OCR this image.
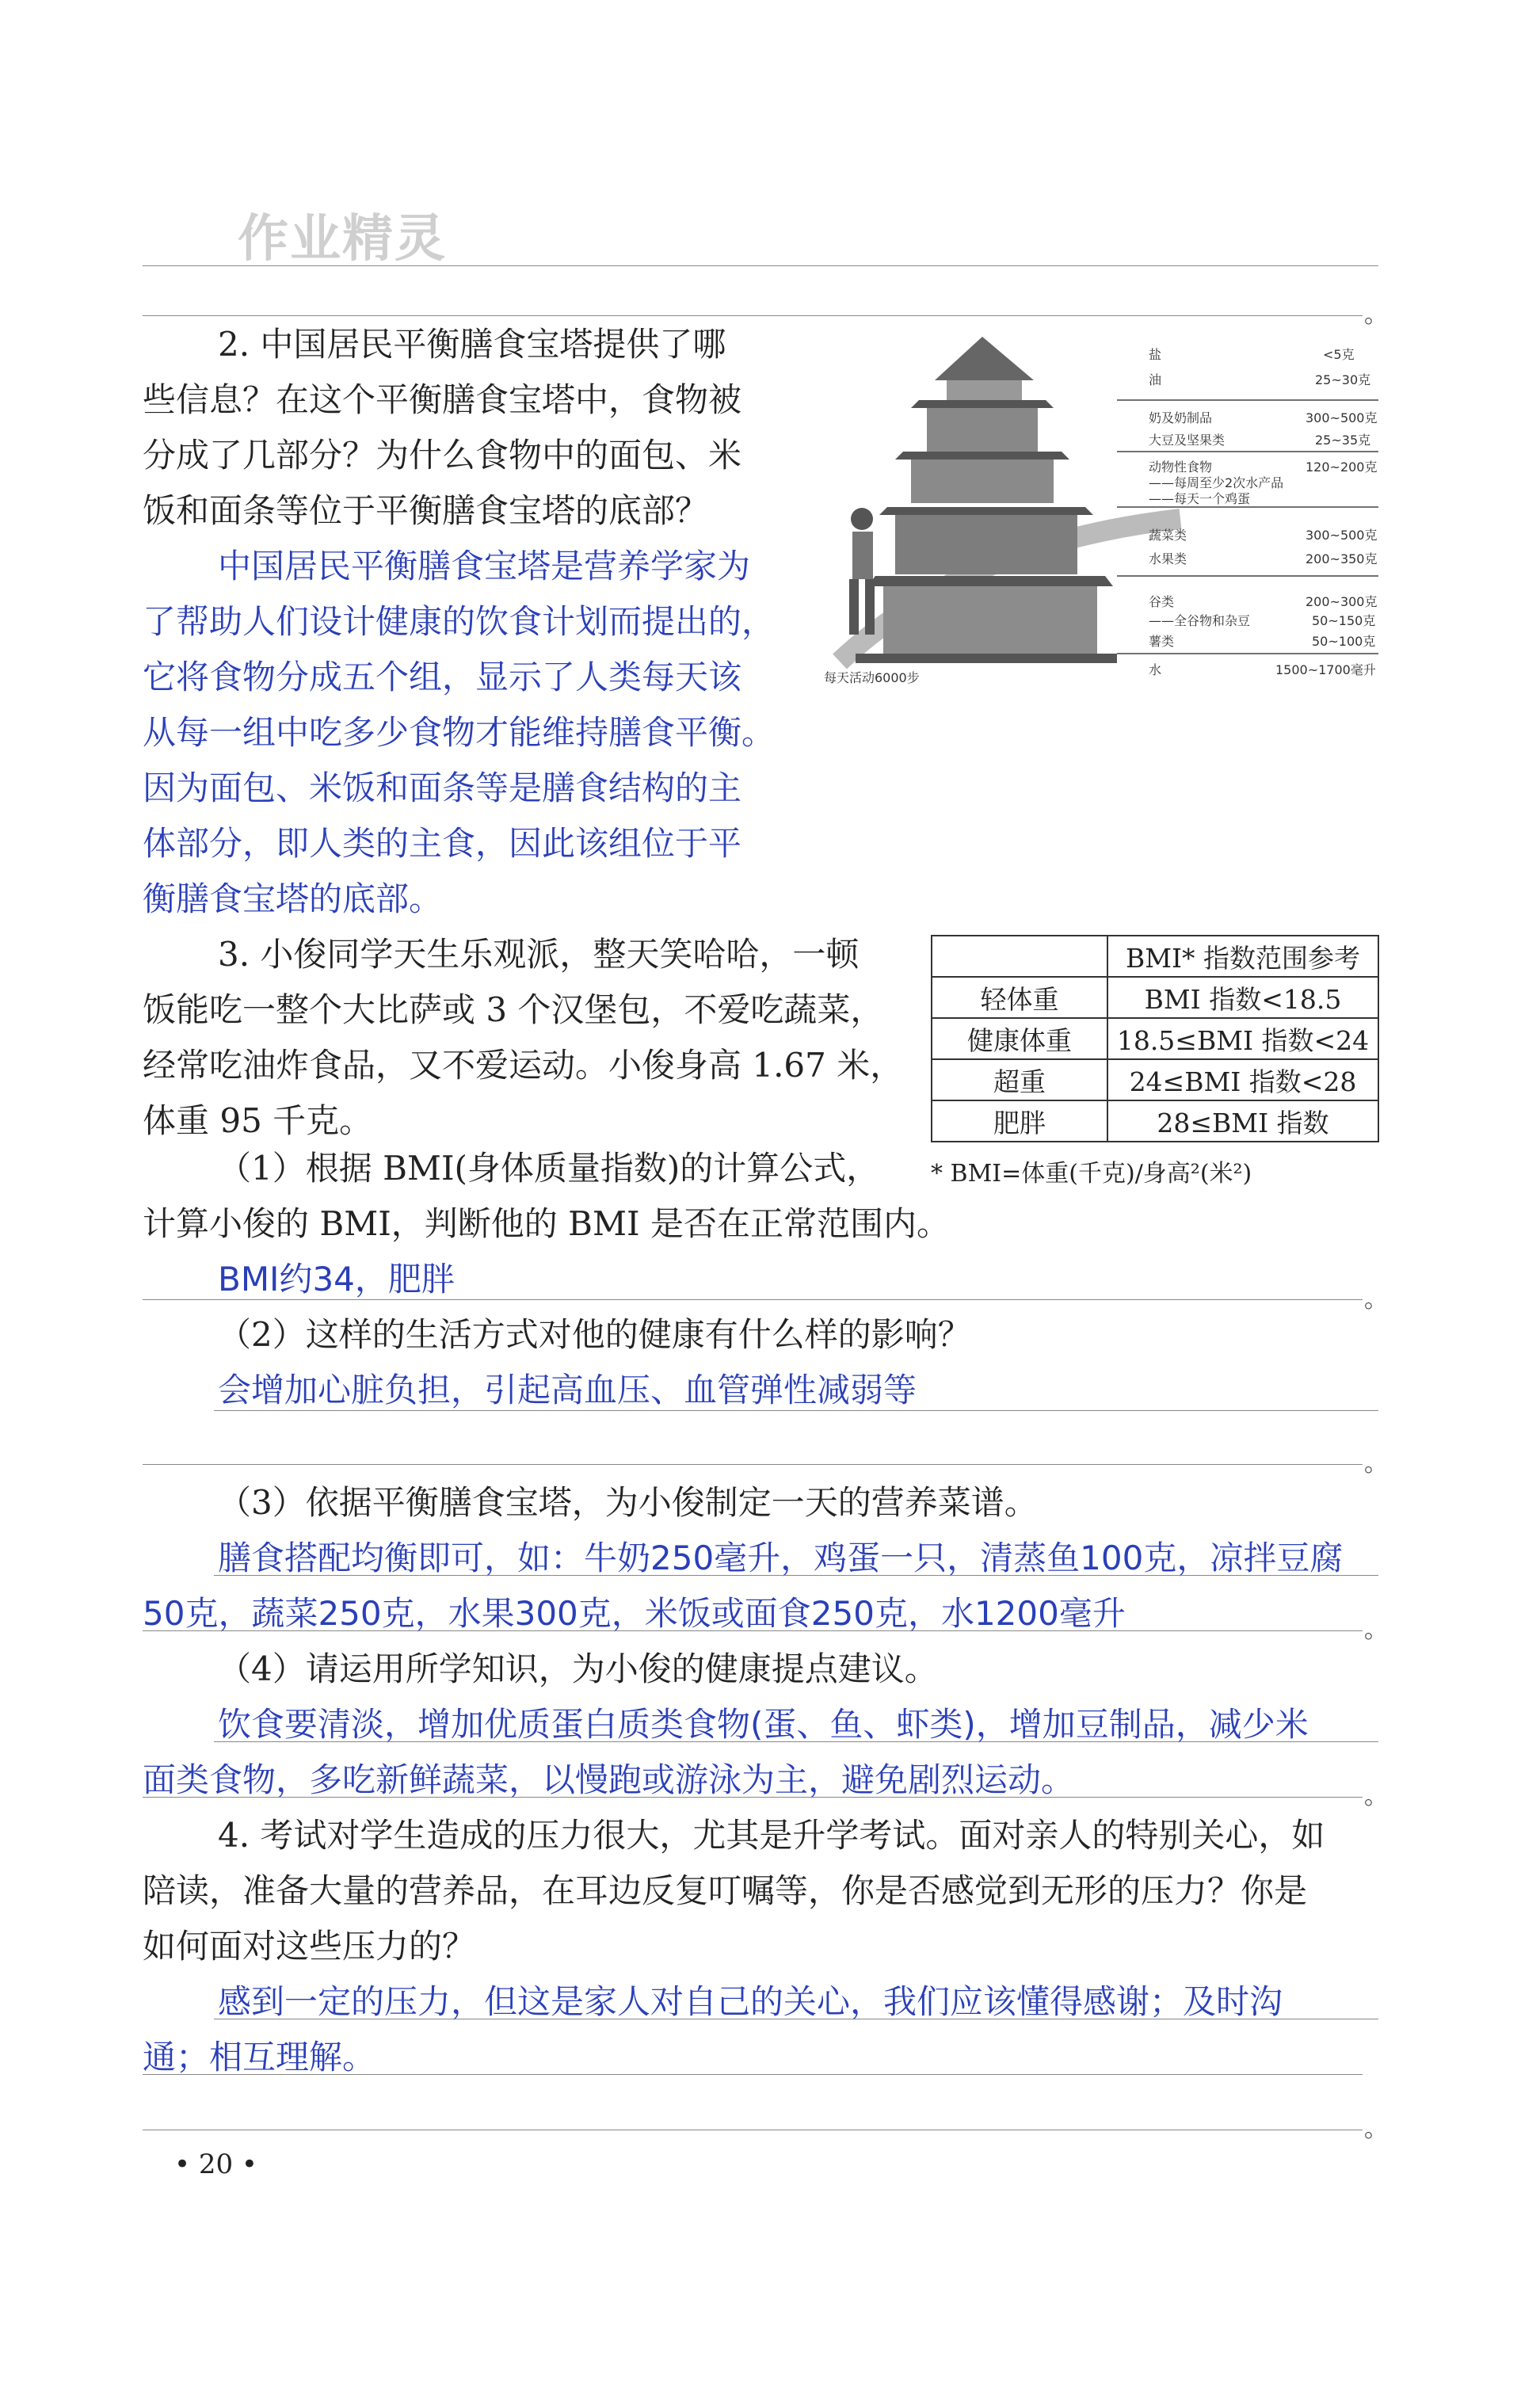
作业精灵
。
2. 中国居民平衡膳食宝塔提供了哪
些信息？在这个平衡膳食宝塔中，食物被
分成了几部分？为什么食物中的面包、米
饭和面条等位于平衡膳食宝塔的底部？
中国居民平衡膳食宝塔是营养学家为
了帮助人们设计健康的饮食计划而提出的，
它将食物分成五个组，显示了人类每天该
从每一组中吃多少食物才能维持膳食平衡。
因为面包、米饭和面条等是膳食结构的主
体部分，即人类的主食，因此该组位于平
衡膳食宝塔的底部。
盐	<5克
油	25~30克
奶及奶制品	300~500克
大豆及坚果类	25~35克
动物性食物	120~200克
——每周至少2次水产品
——每天一个鸡蛋
蔬菜类	300~500克
水果类	200~350克
谷类	200~300克
——全谷物和杂豆	50~150克
薯类	50~100克
水	1500~1700毫升
每天活动6000步
3. 小俊同学天生乐观派，整天笑哈哈，一顿
饭能吃一整个大比萨或 3 个汉堡包，不爱吃蔬菜，
经常吃油炸食品，又不爱运动。小俊身高 1.67 米，
体重 95 千克。
	BMI* 指数范围参考
轻体重	BMI 指数<18.5
健康体重	18.5≤BMI 指数<24
超重	24≤BMI 指数<28
肥胖	28≤BMI 指数
* BMI=体重(千克)/身高²(米²)
（1）根据 BMI(身体质量指数)的计算公式，
计算小俊的 BMI，判断他的 BMI 是否在正常范围内。
BMI约34，肥胖
。
（2）这样的生活方式对他的健康有什么样的影响？
会增加心脏负担，引起高血压、血管弹性减弱等
。
（3）依据平衡膳食宝塔，为小俊制定一天的营养菜谱。
膳食搭配均衡即可，如：牛奶250毫升，鸡蛋一只，清蒸鱼100克，凉拌豆腐
50克，蔬菜250克，水果300克，米饭或面食250克，水1200毫升	。
（4）请运用所学知识，为小俊的健康提点建议。
饮食要清淡，增加优质蛋白质类食物(蛋、鱼、虾类)，增加豆制品，减少米
面类食物，多吃新鲜蔬菜，以慢跑或游泳为主，避免剧烈运动。	。
4. 考试对学生造成的压力很大，尤其是升学考试。面对亲人的特别关心，如
陪读，准备大量的营养品，在耳边反复叮嘱等，你是否感觉到无形的压力？你是
如何面对这些压力的？
感到一定的压力，但这是家人对自己的关心，我们应该懂得感谢；及时沟
通；相互理解。
。
• 20 •
